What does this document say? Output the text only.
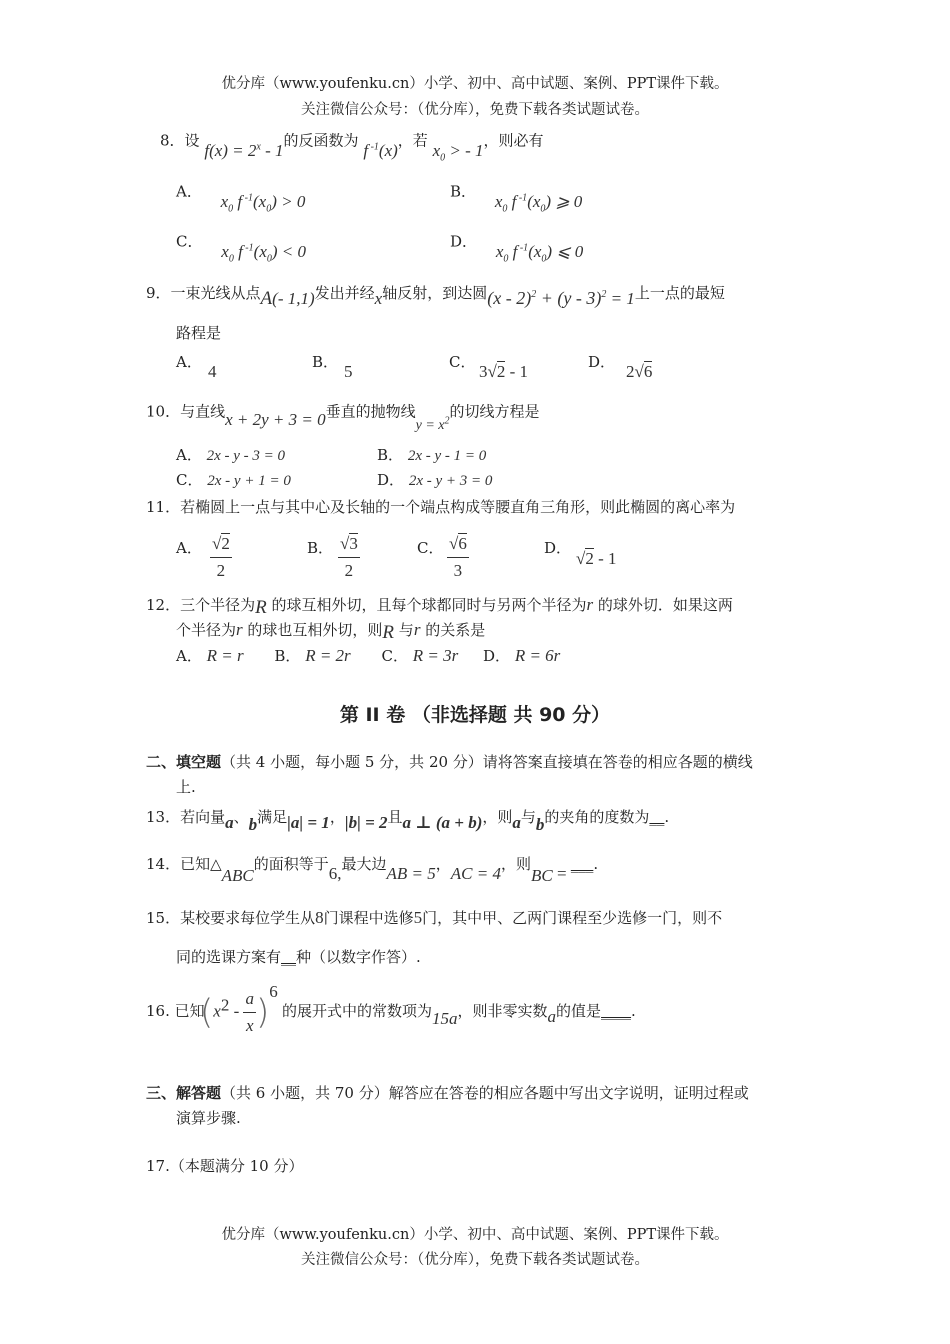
优分库（www.youfenku.cn）小学、初中、高中试题、案例、PPT课件下载。
关注微信公众号：（优分库），免费下载各类试题试卷。
8．设 $f(x) = 2^x - 1$的反函数为 f $^{-1}$(x)，若 $x_0$ > - 1，则必有
A． $x_0$ f $^{-1}(x_0) > 0$	B． $x_0$ f $^{-1}(x_0)$ ⩾ 0
C． $x_0$ f $^{-1}(x_0) < 0$	D． $x_0$ f $^{-1}(x_0)$ ⩽ 0
9．一束光线从点A(- 1,1)发出并经x轴反射，到达圆(x - 2)$^2$ + (y - 3)$^2$ = 1上一点的最短
路程是
A． 4	B． 5	C． 3√2 - 1	D． 2√6
10．与直线x + 2y + 3 = 0垂直的抛物线$y = x^2$的切线方程是
A． 2x - y - 3 = 0	B． 2x - y - 1 = 0
C． 2x - y + 1 = 0	D． 2x - y + 3 = 0
11．若椭圆上一点与其中心及长轴的一个端点构成等腰直角三角形，则此椭圆的离心率为
A． $\frac{√2}{2}$	B． $\frac{√3}{2}$	C． $\frac{√6}{3}$	D．
√2 - 1
12．三个半径为R 的球互相外切，且每个球都同时与另两个半径为r 的球外切．如果这两
个半径为r 的球也互相外切，则R 与r 的关系是
A． R = r B． R = 2r C． R = 3r D． R = 6r
第 II 卷 （非选择题 共 90 分）
二、填空题（共 4 小题，每小题 5 分，共 20 分）请将答案直接填在答卷的相应各题的横线
上.
13．若向量a、b满足|a| = 1，|b| = 2且a ⊥ (a + b)，则a与b的夹角的度数为__.
14．已知△ABC的面积等于6,最大边AB = 5，AC = 4，则BC = ___.
15．某校要求每位学生从8门课程中选修5门，其中甲、乙两门课程至少选修一门，则不
同的选课方案有__种（以数字作答）.
16. 已知
$(x^2 - \frac{a}{x} )^6$
的展开式中的常数项为15a，则非零实数a的值是____.
三、解答题（共 6 小题，共 70 分）解答应在答卷的相应各题中写出文字说明，证明过程或
演算步骤.
17.（本题满分 10 分）
优分库（www.youfenku.cn）小学、初中、高中试题、案例、PPT课件下载。
关注微信公众号：（优分库），免费下载各类试题试卷。
